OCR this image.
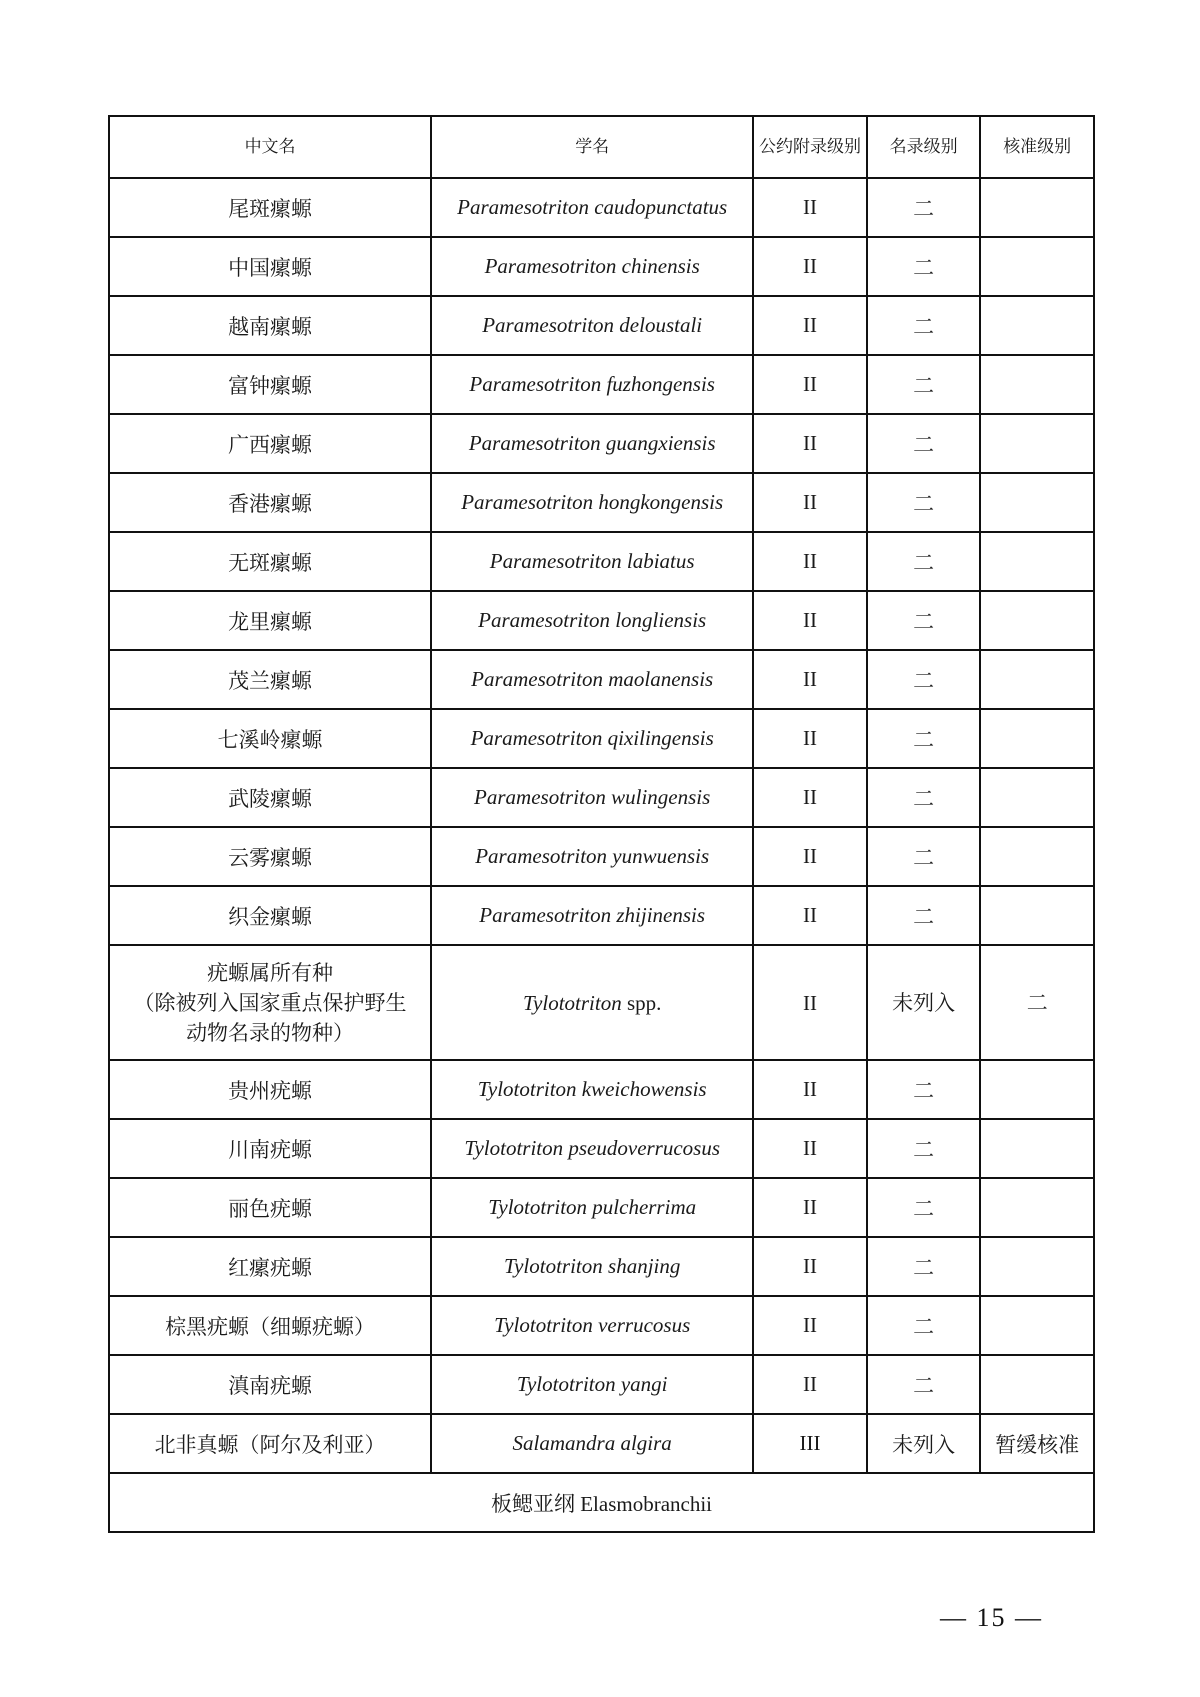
中文名	学名	公约附录级别	名录级别	核准级别
尾斑瘰螈	Paramesotriton caudopunctatus	II	二	
中国瘰螈	Paramesotriton chinensis	II	二	
越南瘰螈	Paramesotriton deloustali	II	二	
富钟瘰螈	Paramesotriton fuzhongensis	II	二	
广西瘰螈	Paramesotriton guangxiensis	II	二	
香港瘰螈	Paramesotriton hongkongensis	II	二	
无斑瘰螈	Paramesotriton labiatus	II	二	
龙里瘰螈	Paramesotriton longliensis	II	二	
茂兰瘰螈	Paramesotriton maolanensis	II	二	
七溪岭瘰螈	Paramesotriton qixilingensis	II	二	
武陵瘰螈	Paramesotriton wulingensis	II	二	
云雾瘰螈	Paramesotriton yunwuensis	II	二	
织金瘰螈	Paramesotriton zhijinensis	II	二	
疣螈属所有种
（除被列入国家重点保护野生
动物名录的物种）	Tylototriton spp.	II	未列入	二
贵州疣螈	Tylototriton kweichowensis	II	二	
川南疣螈	Tylototriton pseudoverrucosus	II	二	
丽色疣螈	Tylototriton pulcherrima	II	二	
红瘰疣螈	Tylototriton shanjing	II	二	
棕黑疣螈（细螈疣螈）	Tylototriton verrucosus	II	二	
滇南疣螈	Tylototriton yangi	II	二	
北非真螈（阿尔及利亚）	Salamandra algira	III	未列入	暂缓核准
板鳃亚纲 Elasmobranchii				
— 15 —
